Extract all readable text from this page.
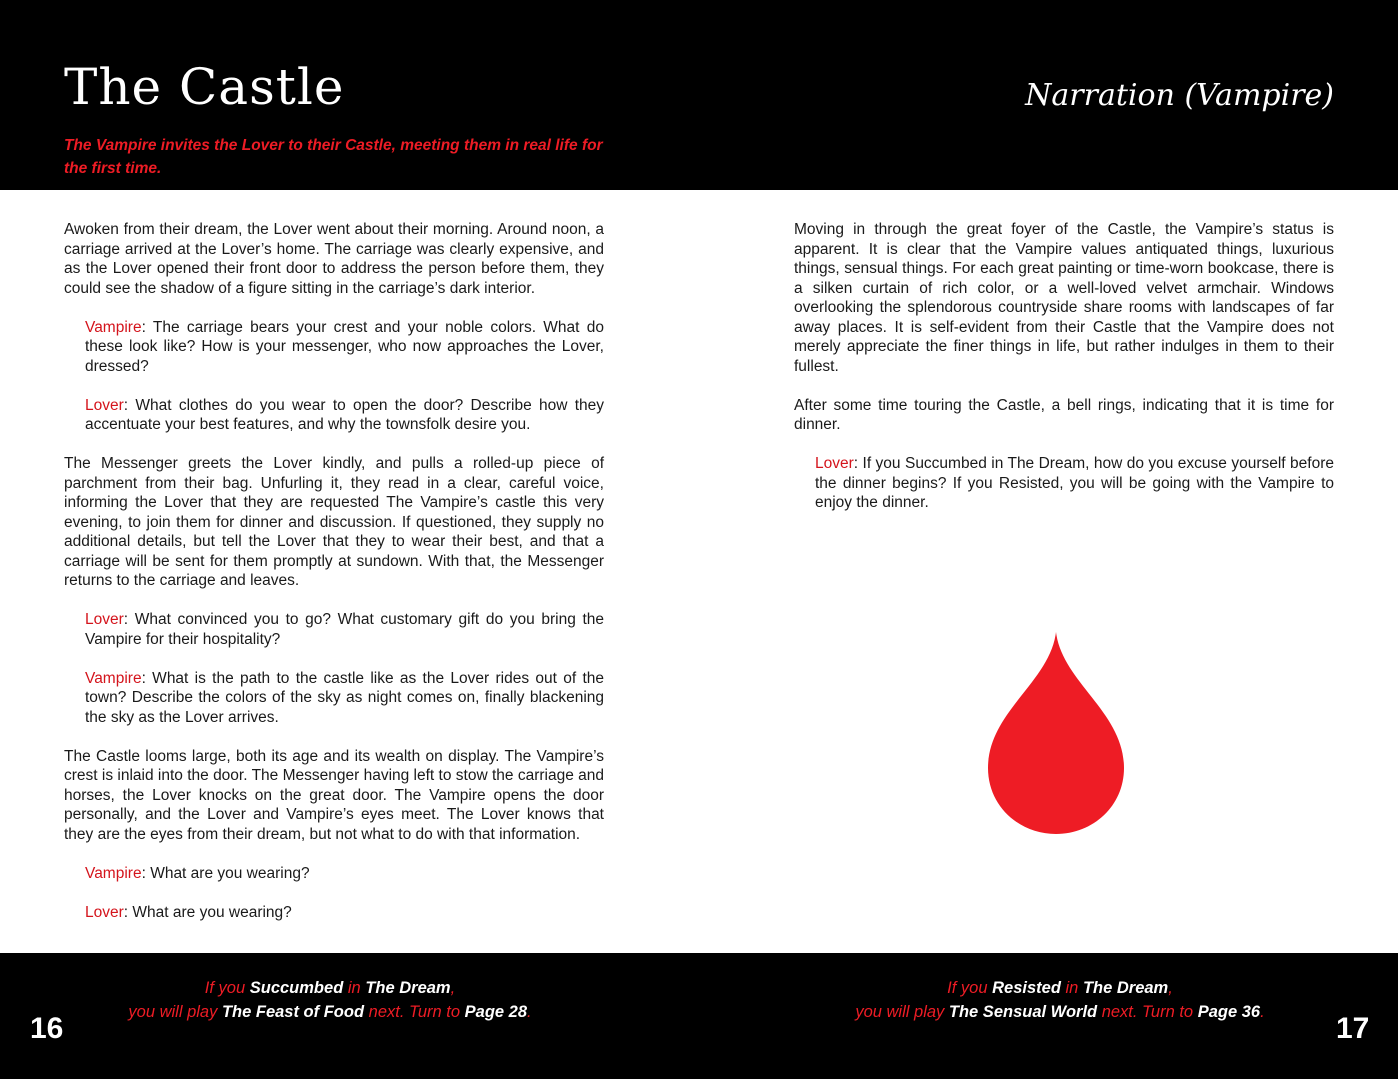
The Castle	Narration (Vampire)
The Vampire invites the Lover to their Castle, meeting them in real life for the first time.

Awoken from their dream, the Lover went about their morning. Around noon, a carriage arrived at the Lover’s home. The carriage was clearly expensive, and as the Lover opened their front door to address the person before them, they could see the shadow of a figure sitting in the carriage’s dark interior.

Vampire: The carriage bears your crest and your noble colors. What do these look like? How is your messenger, who now approaches the Lover, dressed?

Lover: What clothes do you wear to open the door? Describe how they accentuate your best features, and why the townsfolk desire you.

The Messenger greets the Lover kindly, and pulls a rolled-up piece of parchment from their bag. Unfurling it, they read in a clear, careful voice, informing the Lover that they are requested The Vampire’s castle this very evening, to join them for dinner and discussion. If questioned, they supply no additional details, but tell the Lover that they to wear their best, and that a carriage will be sent for them promptly at sundown. With that, the Messenger returns to the carriage and leaves.

Lover: What convinced you to go? What customary gift do you bring the Vampire for their hospitality?

Vampire: What is the path to the castle like as the Lover rides out of the town? Describe the colors of the sky as night comes on, finally blackening the sky as the Lover arrives.

The Castle looms large, both its age and its wealth on display. The Vampire’s crest is inlaid into the door. The Messenger having left to stow the carriage and horses, the Lover knocks on the great door. The Vampire opens the door personally, and the Lover and Vampire’s eyes meet. The Lover knows that they are the eyes from their dream, but not what to do with that information.

Vampire: What are you wearing?

Lover: What are you wearing?

Moving in through the great foyer of the Castle, the Vampire’s status is apparent. It is clear that the Vampire values antiquated things, luxurious things, sensual things. For each great painting or time-worn bookcase, there is a silken curtain of rich color, or a well-loved velvet armchair. Windows overlooking the splendorous countryside share rooms with landscapes of far away places. It is self-evident from their Castle that the Vampire does not merely appreciate the finer things in life, but rather indulges in them to their fullest.

After some time touring the Castle, a bell rings, indicating that it is time for dinner.

Lover: If you Succumbed in The Dream, how do you excuse yourself before the dinner begins? If you Resisted, you will be going with the Vampire to enjoy the dinner.

If you Succumbed in The Dream,
you will play The Feast of Food next. Turn to Page 28.
If you Resisted in The Dream,
you will play The Sensual World next. Turn to Page 36.
16	17
